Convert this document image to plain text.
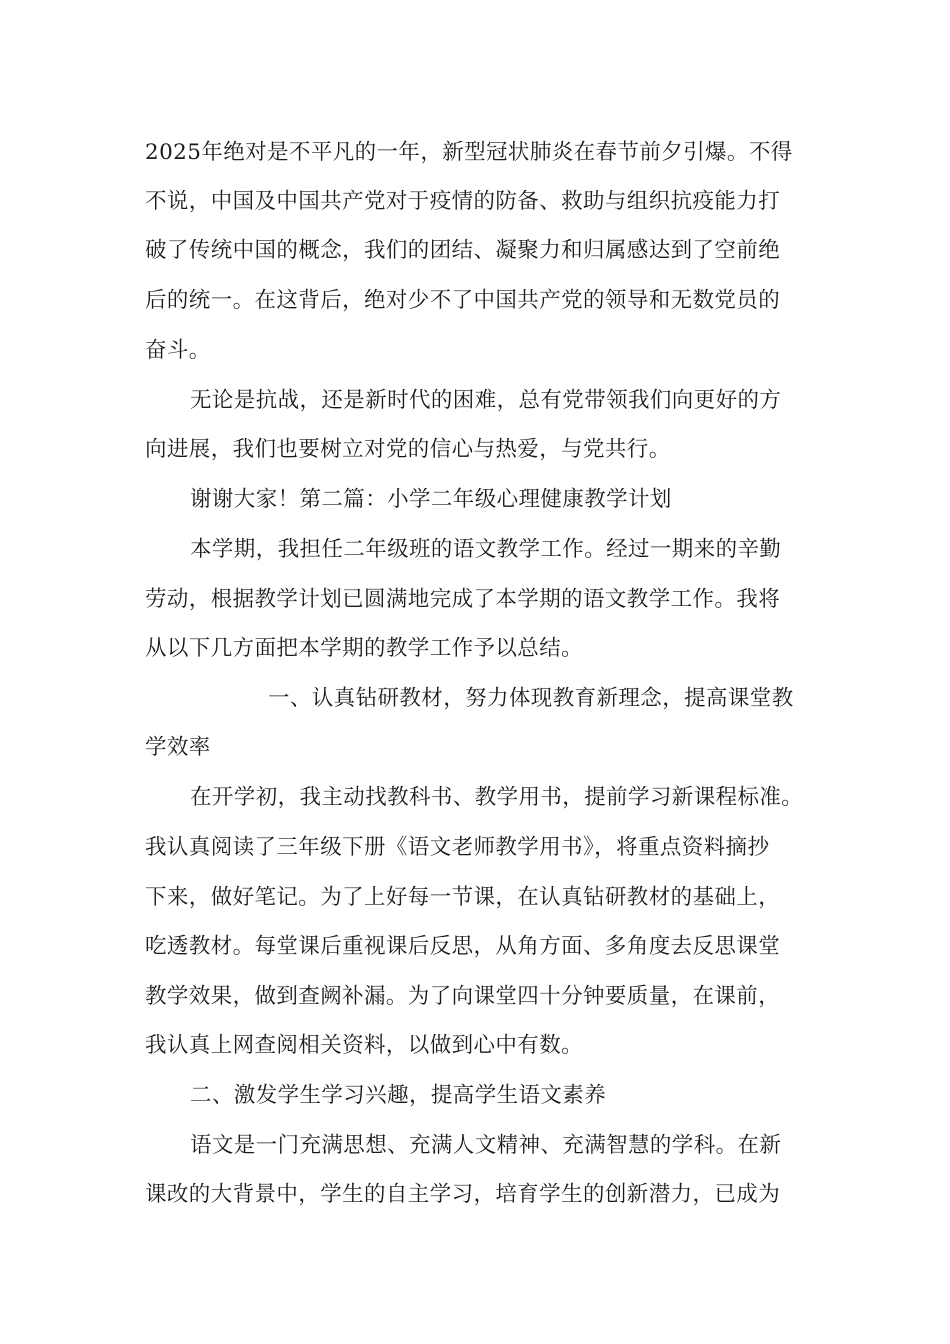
2025年绝对是不平凡的一年，新型冠状肺炎在春节前夕引爆。不得
不说，中国及中国共产党对于疫情的防备、救助与组织抗疫能力打
破了传统中国的概念，我们的团结、凝聚力和归属感达到了空前绝
后的统一。在这背后，绝对少不了中国共产党的领导和无数党员的
奋斗。
无论是抗战，还是新时代的困难，总有党带领我们向更好的方
向进展，我们也要树立对党的信心与热爱，与党共行。
谢谢大家！第二篇：小学二年级心理健康教学计划
本学期，我担任二年级班的语文教学工作。经过一期来的辛勤
劳动，根据教学计划已圆满地完成了本学期的语文教学工作。我将
从以下几方面把本学期的教学工作予以总结。
一、认真钻研教材，努力体现教育新理念，提高课堂教
学效率
在开学初，我主动找教科书、教学用书，提前学习新课程标准。
我认真阅读了三年级下册《语文老师教学用书》，将重点资料摘抄
下来，做好笔记。为了上好每一节课，在认真钻研教材的基础上，
吃透教材。每堂课后重视课后反思，从角方面、多角度去反思课堂
教学效果，做到查阙补漏。为了向课堂四十分钟要质量，在课前，
我认真上网查阅相关资料，以做到心中有数。
二、激发学生学习兴趣，提高学生语文素养
语文是一门充满思想、充满人文精神、充满智慧的学科。在新
课改的大背景中，学生的自主学习，培育学生的创新潜力，已成为
